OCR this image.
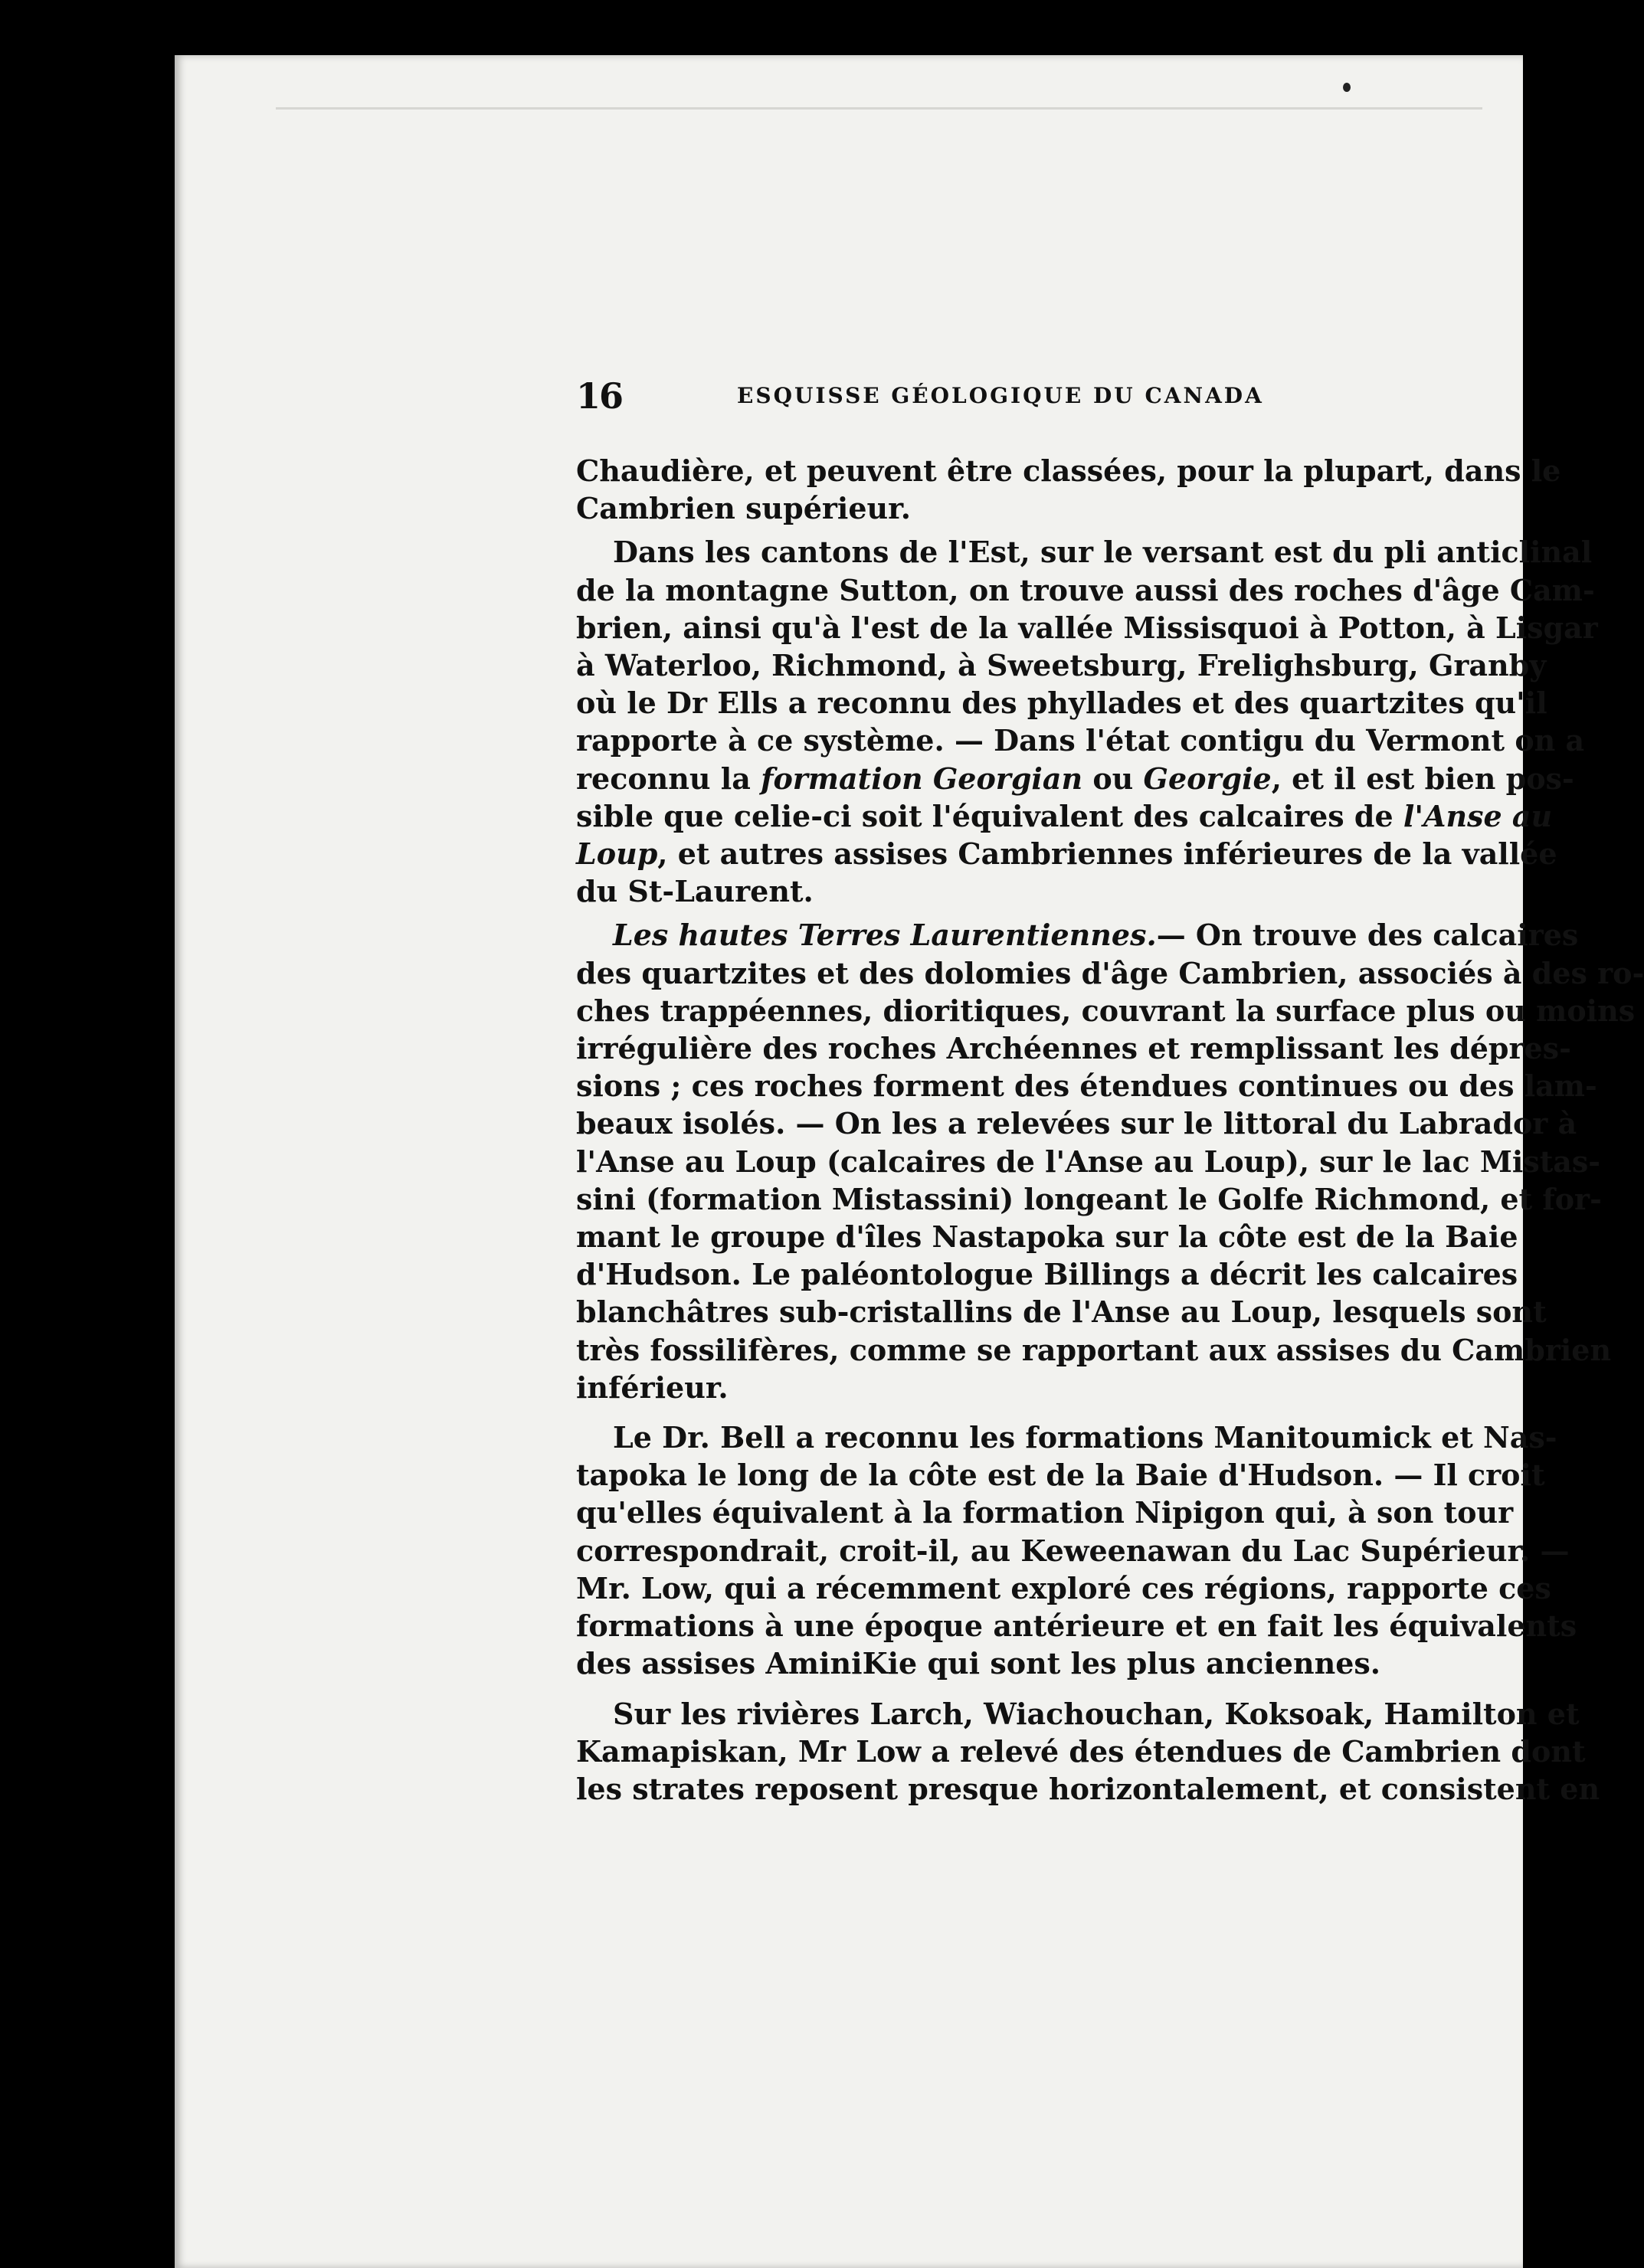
16	ESQUISSE GÉOLOGIQUE DU CANADA
Chaudière, et peuvent être classées, pour la plupart, dans le
Cambrien supérieur.
Dans les cantons de l'Est, sur le versant est du pli anticlinal
de la montagne Sutton, on trouve aussi des roches d'âge Cam-
brien, ainsi qu'à l'est de la vallée Missisquoi à Potton, à Lisgar
à Waterloo, Richmond, à Sweetsburg, Frelighsburg, Granby
où le Dr Ells a reconnu des phyllades et des quartzites qu'il
rapporte à ce système. — Dans l'état contigu du Vermont on a
reconnu la formation Georgian ou Georgie, et il est bien pos-
sible que celie-ci soit l'équivalent des calcaires de l'Anse au
Loup, et autres assises Cambriennes inférieures de la vallée
du St-Laurent.
Les hautes Terres Laurentiennes.— On trouve des calcaires
des quartzites et des dolomies d'âge Cambrien, associés à des ro-
ches trappéennes, dioritiques, couvrant la surface plus ou moins
irrégulière des roches Archéennes et remplissant les dépres-
sions ; ces roches forment des étendues continues ou des lam-
beaux isolés. — On les a relevées sur le littoral du Labrador à
l'Anse au Loup (calcaires de l'Anse au Loup), sur le lac Mistas-
sini (formation Mistassini) longeant le Golfe Richmond, et for-
mant le groupe d'îles Nastapoka sur la côte est de la Baie
d'Hudson. Le paléontologue Billings a décrit les calcaires
blanchâtres sub-cristallins de l'Anse au Loup, lesquels sont
très fossilifères, comme se rapportant aux assises du Cambrien
inférieur.
Le Dr. Bell a reconnu les formations Manitoumick et Nas-
tapoka le long de la côte est de la Baie d'Hudson. — Il croit
qu'elles équivalent à la formation Nipigon qui, à son tour
correspondrait, croit-il, au Keweenawan du Lac Supérieur. —
Mr. Low, qui a récemment exploré ces régions, rapporte ces
formations à une époque antérieure et en fait les équivalents
des assises AminiKie qui sont les plus anciennes.
Sur les rivières Larch, Wiachouchan, Koksoak, Hamilton et
Kamapiskan, Mr Low a relevé des étendues de Cambrien dont
les strates reposent presque horizontalement, et consistent en
